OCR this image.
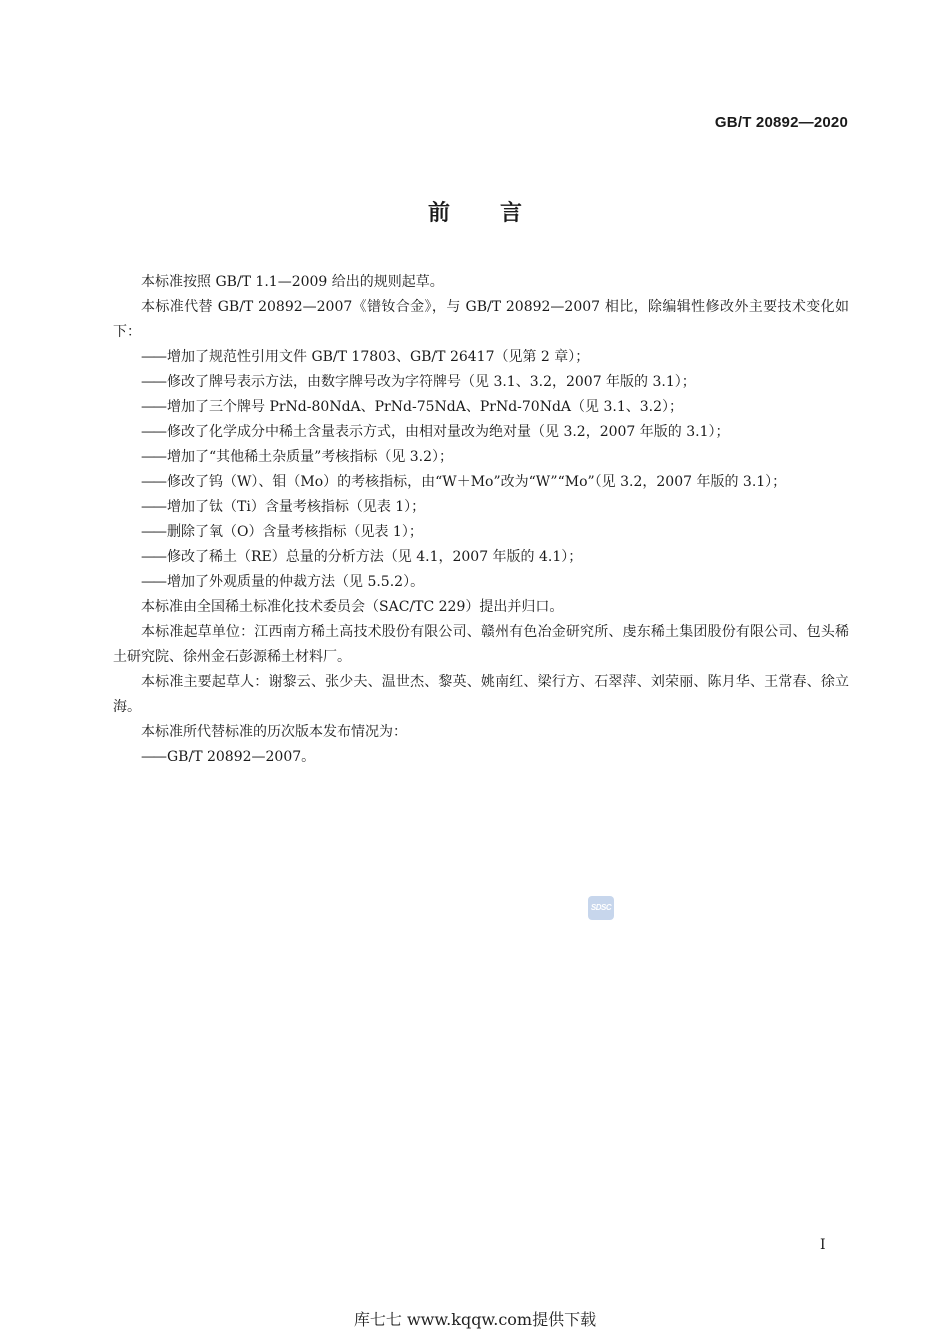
GB/T 20892—2020
前言

本标准按照 GB/T 1.1—2009 给出的规则起草。

本标准代替 GB/T 20892—2007《镨钕合金》，与 GB/T 20892—2007 相比，除编辑性修改外主要技术变化如下：

—— 增加了规范性引用文件 GB/T 17803、GB/T 26417（见第 2 章）；

—— 修改了牌号表示方法，由数字牌号改为字符牌号（见 3.1、3.2，2007 年版的 3.1）；

—— 增加了三个牌号 PrNd-80NdA、PrNd-75NdA、PrNd-70NdA（见 3.1、3.2）；

—— 修改了化学成分中稀土含量表示方式，由相对量改为绝对量（见 3.2，2007 年版的 3.1）；

—— 增加了“其他稀土杂质量”考核指标（见 3.2）；

—— 修改了钨（W）、钼（Mo）的考核指标，由“W＋Mo”改为“W”“Mo”（见 3.2，2007 年版的 3.1）；

—— 增加了钛（Ti）含量考核指标（见表 1）；

—— 删除了氧（O）含量考核指标（见表 1）；

—— 修改了稀土（RE）总量的分析方法（见 4.1，2007 年版的 4.1）；

—— 增加了外观质量的仲裁方法（见 5.5.2）。

本标准由全国稀土标准化技术委员会（SAC/TC 229）提出并归口。

本标准起草单位：江西南方稀土高技术股份有限公司、赣州有色冶金研究所、虔东稀土集团股份有限公司、包头稀土研究院、徐州金石彭源稀土材料厂。

本标准主要起草人：谢黎云、张少夫、温世杰、黎英、姚南红、梁行方、石翠萍、刘荣丽、陈月华、王常春、徐立海。

本标准所代替标准的历次版本发布情况为：

—— GB/T 20892—2007。

SDSC
I
库七七 www.kqqw.com提供下载
